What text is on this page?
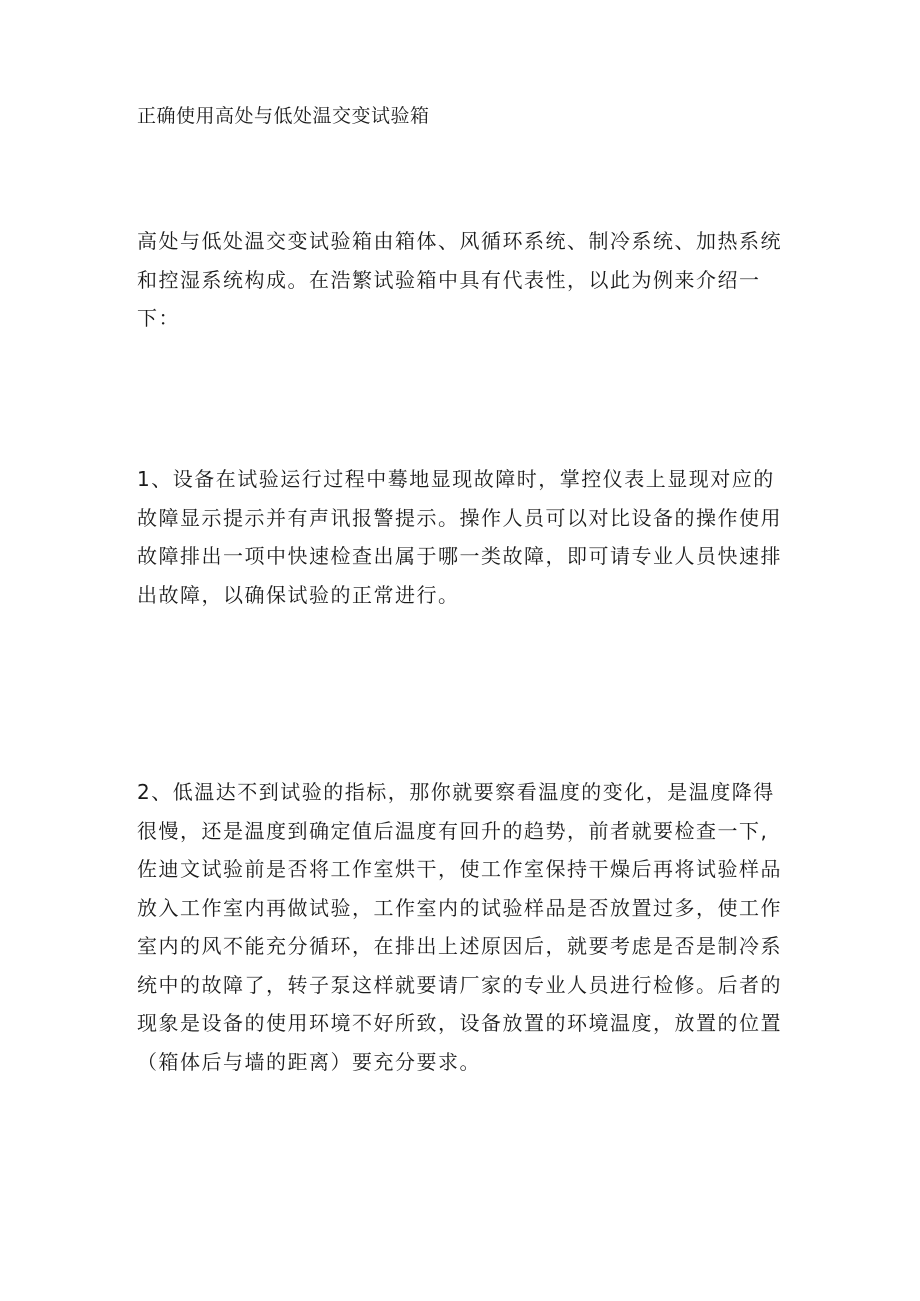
正确使用高处与低处温交变试验箱

高处与低处温交变试验箱由箱体、风循环系统、制冷系统、加热系统和控湿系统构成。在浩繁试验箱中具有代表性，以此为例来介绍一下：

1、设备在试验运行过程中蓦地显现故障时，掌控仪表上显现对应的故障显示提示并有声讯报警提示。操作人员可以对比设备的操作使用故障排出一项中快速检查出属于哪一类故障，即可请专业人员快速排出故障，以确保试验的正常进行。

2、低温达不到试验的指标，那你就要察看温度的变化，是温度降得很慢，还是温度到确定值后温度有回升的趋势，前者就要检查一下,佐迪文试验前是否将工作室烘干，使工作室保持干燥后再将试验样品放入工作室内再做试验，工作室内的试验样品是否放置过多，使工作室内的风不能充分循环，在排出上述原因后，就要考虑是否是制冷系统中的故障了，转子泵这样就要请厂家的专业人员进行检修。后者的现象是设备的使用环境不好所致，设备放置的环境温度，放置的位置（箱体后与墙的距离）要充分要求。
